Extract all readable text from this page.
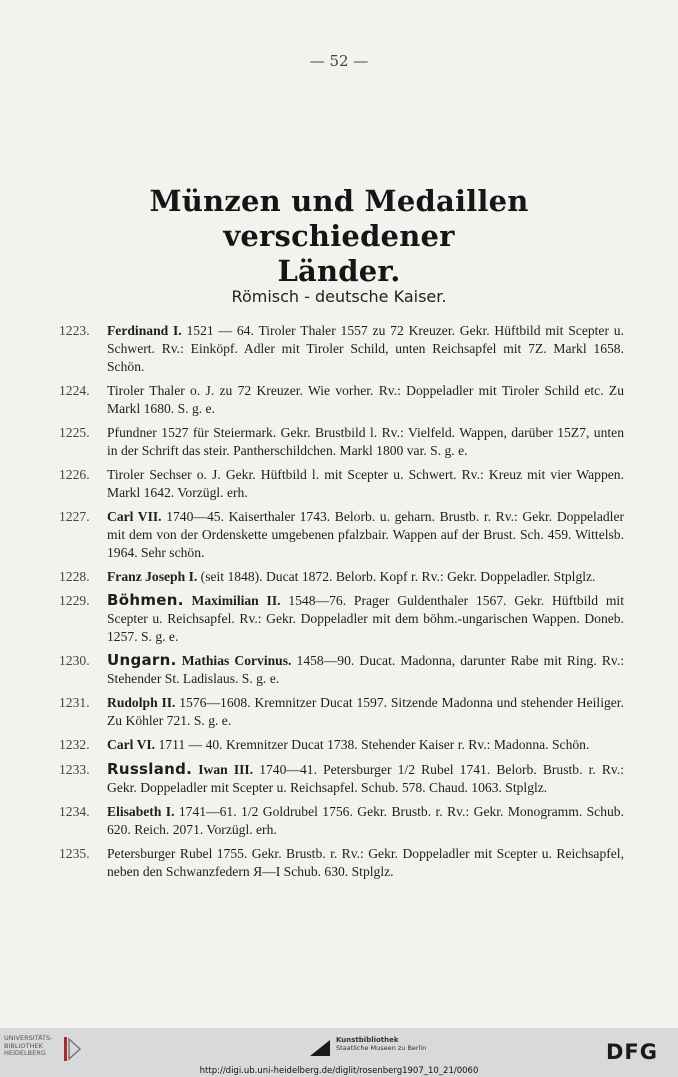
— 52 —
Münzen und Medaillen verschiedener
Länder.
Römisch - deutsche Kaiser.
1223.	Ferdinand I. 1521 — 64. Tiroler Thaler 1557 zu 72 Kreuzer. Gekr. Hüftbild mit Scepter u. Schwert. Rv.: Einköpf. Adler mit Tiroler Schild, unten Reichsapfel mit 7Z. Markl 1658. Schön.
1224.	Tiroler Thaler o. J. zu 72 Kreuzer. Wie vorher. Rv.: Doppeladler mit Tiroler Schild etc. Zu Markl 1680. S. g. e.
1225.	Pfundner 1527 für Steiermark. Gekr. Brustbild l. Rv.: Vielfeld. Wappen, darüber 15Z7, unten in der Schrift das steir. Pantherschildchen. Markl 1800 var. S. g. e.
1226.	Tiroler Sechser o. J. Gekr. Hüftbild l. mit Scepter u. Schwert. Rv.: Kreuz mit vier Wappen. Markl 1642. Vorzügl. erh.
1227.	Carl VII. 1740—45. Kaiserthaler 1743. Belorb. u. geharn. Brustb. r. Rv.: Gekr. Doppeladler mit dem von der Ordenskette umgebenen pfalzbair. Wappen auf der Brust. Sch. 459. Wittelsb. 1964. Sehr schön.
1228.	Franz Joseph I. (seit 1848). Ducat 1872. Belorb. Kopf r. Rv.: Gekr. Doppeladler. Stplglz.
1229.	Böhmen. Maximilian II. 1548—76. Prager Guldenthaler 1567. Gekr. Hüftbild mit Scepter u. Reichsapfel. Rv.: Gekr. Doppeladler mit dem böhm.-ungarischen Wappen. Doneb. 1257. S. g. e.
1230.	Ungarn. Mathias Corvinus. 1458—90. Ducat. Madonna, darunter Rabe mit Ring. Rv.: Stehender St. Ladislaus. S. g. e.
1231.	Rudolph II. 1576—1608. Kremnitzer Ducat 1597. Sitzende Madonna und stehender Heiliger. Zu Köhler 721. S. g. e.
1232.	Carl VI. 1711 — 40. Kremnitzer Ducat 1738. Stehender Kaiser r. Rv.: Madonna. Schön.
1233.	Russland. Iwan III. 1740—41. Petersburger 1/2 Rubel 1741. Belorb. Brustb. r. Rv.: Gekr. Doppeladler mit Scepter u. Reichsapfel. Schub. 578. Chaud. 1063. Stplglz.
1234.	Elisabeth I. 1741—61. 1/2 Goldrubel 1756. Gekr. Brustb. r. Rv.: Gekr. Monogramm. Schub. 620. Reich. 2071. Vorzügl. erh.
1235.	Petersburger Rubel 1755. Gekr. Brustb. r. Rv.: Gekr. Doppeladler mit Scepter u. Reichsapfel, neben den Schwanzfedern Я—I Schub. 630. Stplglz.
UNIVERSITÄTS-
BIBLIOTHEK
HEIDELBERG
Kunstbibliothek
Staatliche Museen zu Berlin	DFG
http://digi.ub.uni-heidelberg.de/diglit/rosenberg1907_10_21/0060
